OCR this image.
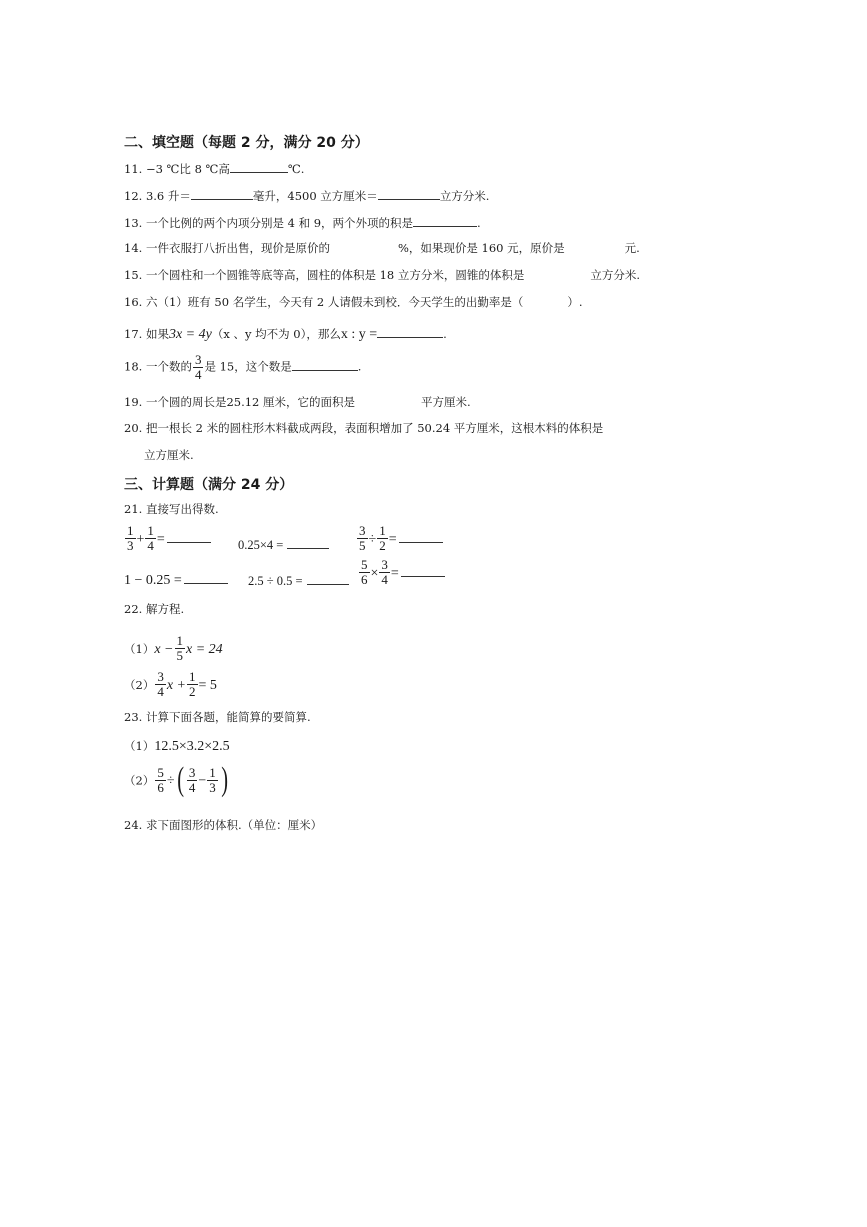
二、填空题（每题 2 分，满分 20 分）
11. −3 ℃比 8 ℃高	℃.
12. 3.6 升＝	毫升，4500 立方厘米＝	立方分米.
13. 一个比例的两个内项分别是 4 和 9，两个外项的积是	.
14. 一件衣服打八折出售，现价是原价的	%，如果现价是 160 元，原价是	元.
15. 一个圆柱和一个圆锥等底等高，圆柱的体积是 18 立方分米，圆锥的体积是	立方分米.
16. 六（1）班有 50 名学生，今天有 2 人请假未到校．今天学生的出勤率是（	）.
17. 如果3x = 4y（x 、y 均不为 0），那么x : y =	.
18. 一个数的 $\frac{3}{4}$ 是 15，这个数是	.
19. 一个圆的周长是25.12 厘米，它的面积是	平方厘米.
20. 把一根长 2 米的圆柱形木料截成两段，表面积增加了 50.24 平方厘米，这根木料的体积是
立方厘米.
三、计算题（满分 24 分）
21. 直接写出得数.
$\frac{1}{3} + \frac{1}{4}$ =	0.25×4 =	$\frac{3}{5} \div \frac{1}{2}$ =
1 − 0.25 =	2.5 ÷ 0.5 =	$\frac{5}{6} \times \frac{3}{4}$ =
22. 解方程.
$(1)x - \frac{1}{5}$ x = 24
$(2) \frac{3}{4}$ $x + \frac{1}{2} = 5$
23. 计算下面各题，能简算的要简算.
（1）12.5×3.2×2.5
$(2) \frac{5}{6}$ ÷( $\frac{3}{4} - \frac{1}{3}$ )
24. 求下面图形的体积.（单位：厘米）
